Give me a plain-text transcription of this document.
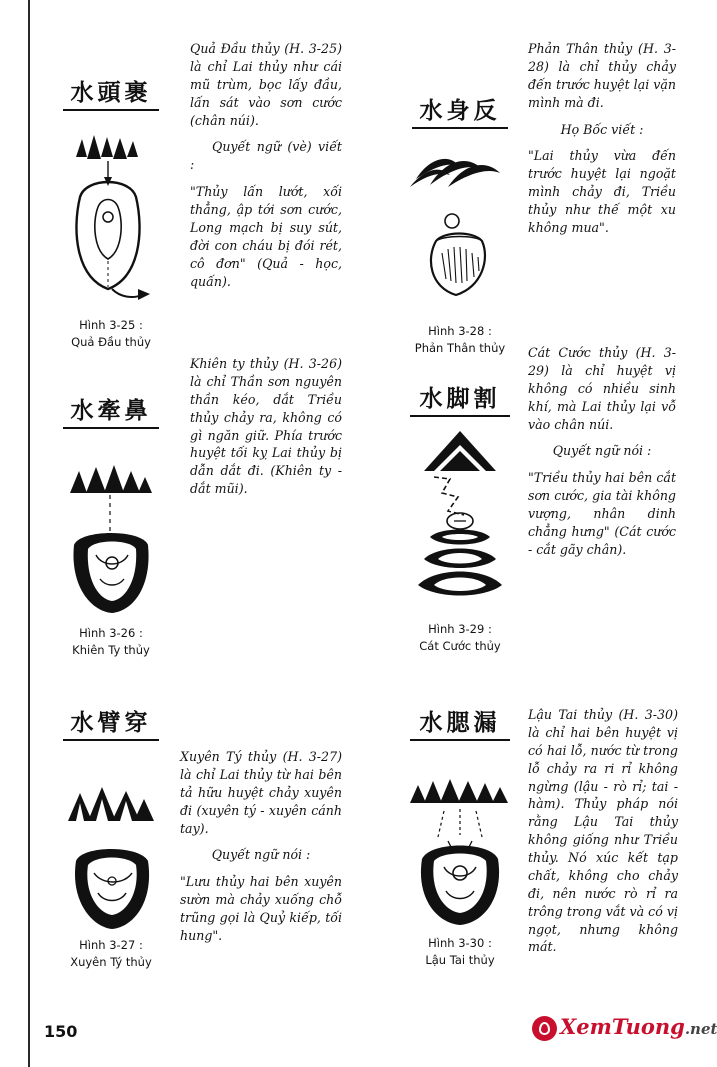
水頭裹
Hình 3-25 :
Quả Đầu thủy

Quả Đầu thủy (H. 3-25) là chỉ Lai thủy như cái mũ trùm, bọc lấy đầu, lấn sát vào sơn cước (chân núi).

Quyết ngữ (vè) viết :

"Thủy lấn lướt, xối thẳng, ập tới sơn cước, Long mạch bị suy sút, đời con cháu bị đói rét, cô đơn" (Quả - học, quấn).

水身反
Hình 3-28 :
Phản Thân thủy

Phản Thân thủy (H. 3-28) là chỉ thủy chảy đến trước huyệt lại vặn mình mà đi.

Họ Bốc viết :

"Lai thủy vừa đến trước huyệt lại ngoặt mình chảy đi, Triều thủy như thế một xu không mua".

水牽鼻
Hình 3-26 :
Khiên Ty thủy

Khiên ty thủy (H. 3-26) là chỉ Thần sơn nguyên thần kéo, dắt Triều thủy chảy ra, không có gì ngăn giữ. Phía trước huyệt tối kỵ Lai thủy bị dẫn dắt đi. (Khiên ty - dắt mũi).

水脚割
Hình 3-29 :
Cát Cước thủy

Cát Cước thủy (H. 3-29) là chỉ huyệt vị không có nhiều sinh khí, mà Lai thủy lại vỗ vào chân núi.

Quyết ngữ nói :

"Triều thủy hai bên cắt sơn cước, gia tài không vượng, nhân dinh chẳng hưng" (Cát cước - cắt gãy chân).

水臂穿
Hình 3-27 :
Xuyên Tý thủy

Xuyên Tý thủy (H. 3-27) là chỉ Lai thủy từ hai bên tả hữu huyệt chảy xuyên đi (xuyên tý - xuyên cánh tay).

Quyết ngữ nói :

"Lưu thủy hai bên xuyên sườn mà chảy xuống chỗ trũng gọi là Quỷ kiếp, tối hung".

水腮漏
Hình 3-30 :
Lậu Tai thủy

Lậu Tai thủy (H. 3-30) là chỉ hai bên huyệt vị có hai lỗ, nước từ trong lỗ chảy ra ri rỉ không ngừng (lậu - rò rỉ; tai - hàm). Thủy pháp nói rằng Lậu Tai thủy không giống như Triều thủy. Nó xúc kết tạp chất, không cho chảy đi, nên nước rò rỉ ra trông trong vắt và có vị ngọt, nhưng không mát.

150	XemTuong.net
